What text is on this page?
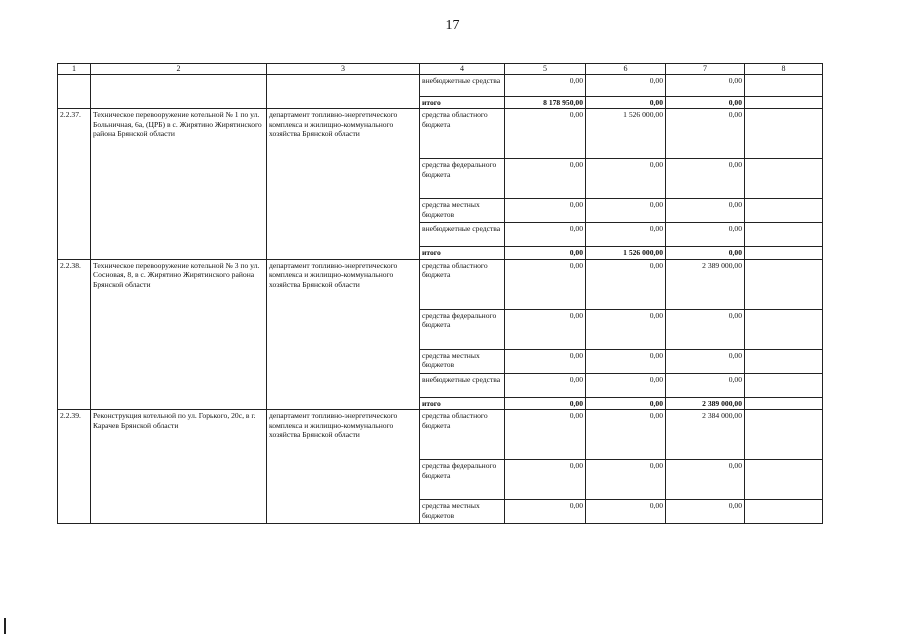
17
1	2	3	4	5	6	7	8
			внебюджетные средства	0,00	0,00	0,00	
			итого	8 178 950,00	0,00	0,00	
2.2.37.	Техническое перевооружение котельной № 1 по ул. Больничная, 6а, (ЦРБ) в с. Жирятино Жирятинского района Брянской области	департамент топливно-энергетического комплекса и жилищно-коммунального хозяйства Брянской области	средства областного бюджета	0,00	1 526 000,00	0,00	
			средства федерального бюджета	0,00	0,00	0,00	
			средства местных бюджетов	0,00	0,00	0,00	
			внебюджетные средства	0,00	0,00	0,00	
			итого	0,00	1 526 000,00	0,00	
2.2.38.	Техническое перевооружение котельной № 3 по ул. Сосновая, 8, в с. Жирятино Жирятинского района Брянской области	департамент топливно-энергетического комплекса и жилищно-коммунального хозяйства Брянской области	средства областного бюджета	0,00	0,00	2 389 000,00	
			средства федерального бюджета	0,00	0,00	0,00	
			средства местных бюджетов	0,00	0,00	0,00	
			внебюджетные средства	0,00	0,00	0,00	
			итого	0,00	0,00	2 389 000,00	
2.2.39.	Реконструкция котельной по ул. Горького, 20с, в г. Карачев Брянской области	департамент топливно-энергетического комплекса и жилищно-коммунального хозяйства Брянской области	средства областного бюджета	0,00	0,00	2 384 000,00	
			средства федерального бюджета	0,00	0,00	0,00	
			средства местных бюджетов	0,00	0,00	0,00	
